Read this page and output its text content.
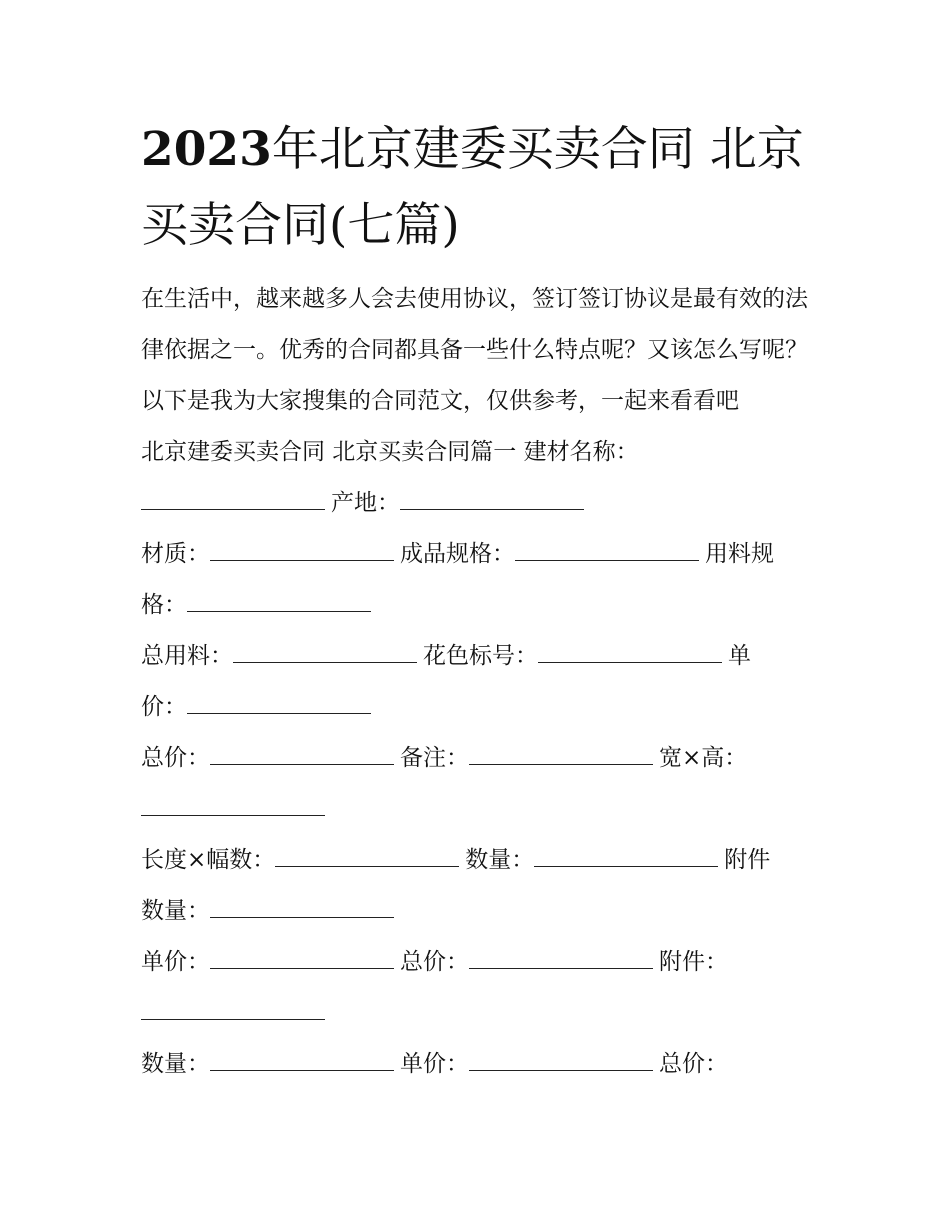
2023年北京建委买卖合同 北京买卖合同(七篇)

在生活中，越来越多人会去使用协议，签订签订协议是最有效的法律依据之一。优秀的合同都具备一些什么特点呢？又该怎么写呢？以下是我为大家搜集的合同范文，仅供参考，一起来看看吧

北京建委买卖合同 北京买卖合同篇一 建材名称：

产地：

材质：	成品规格：	用料规

格：

总用料：	花色标号：	单

价：

总价：	备注：	宽×高：

长度×幅数：	数量：	附件

数量：

单价：	总价：	附件：

数量：	单价：	总价：
